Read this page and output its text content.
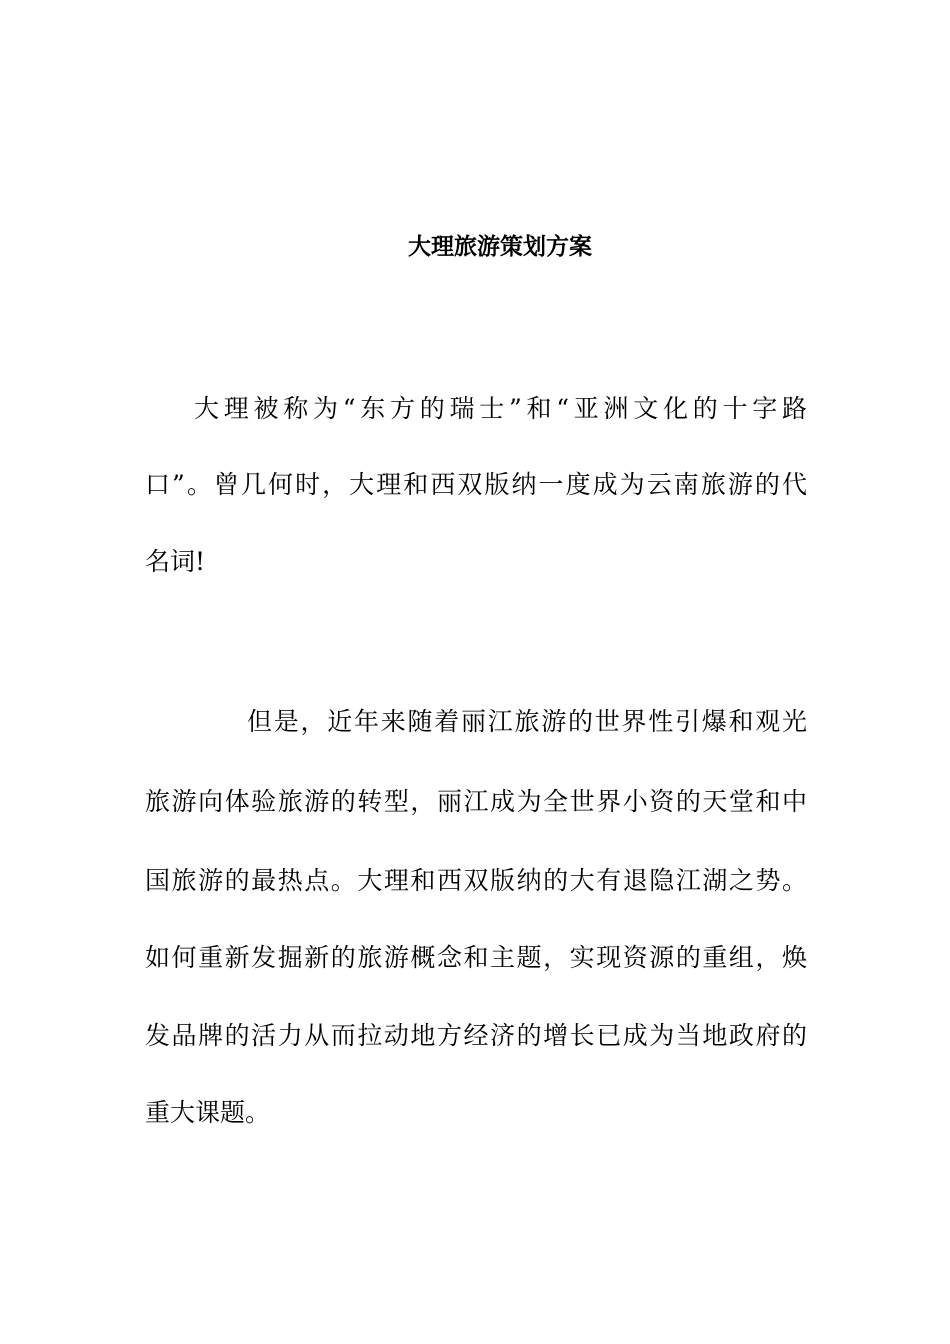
大理旅游策划方案

大理被称为“东方的瑞士”和“亚洲文化的十字路

口”。曾几何时，大理和西双版纳一度成为云南旅游的代

名词!

但是，近年来随着丽江旅游的世界性引爆和观光

旅游向体验旅游的转型，丽江成为全世界小资的天堂和中

国旅游的最热点。大理和西双版纳的大有退隐江湖之势。

如何重新发掘新的旅游概念和主题，实现资源的重组，焕

发品牌的活力从而拉动地方经济的增长已成为当地政府的

重大课题。
